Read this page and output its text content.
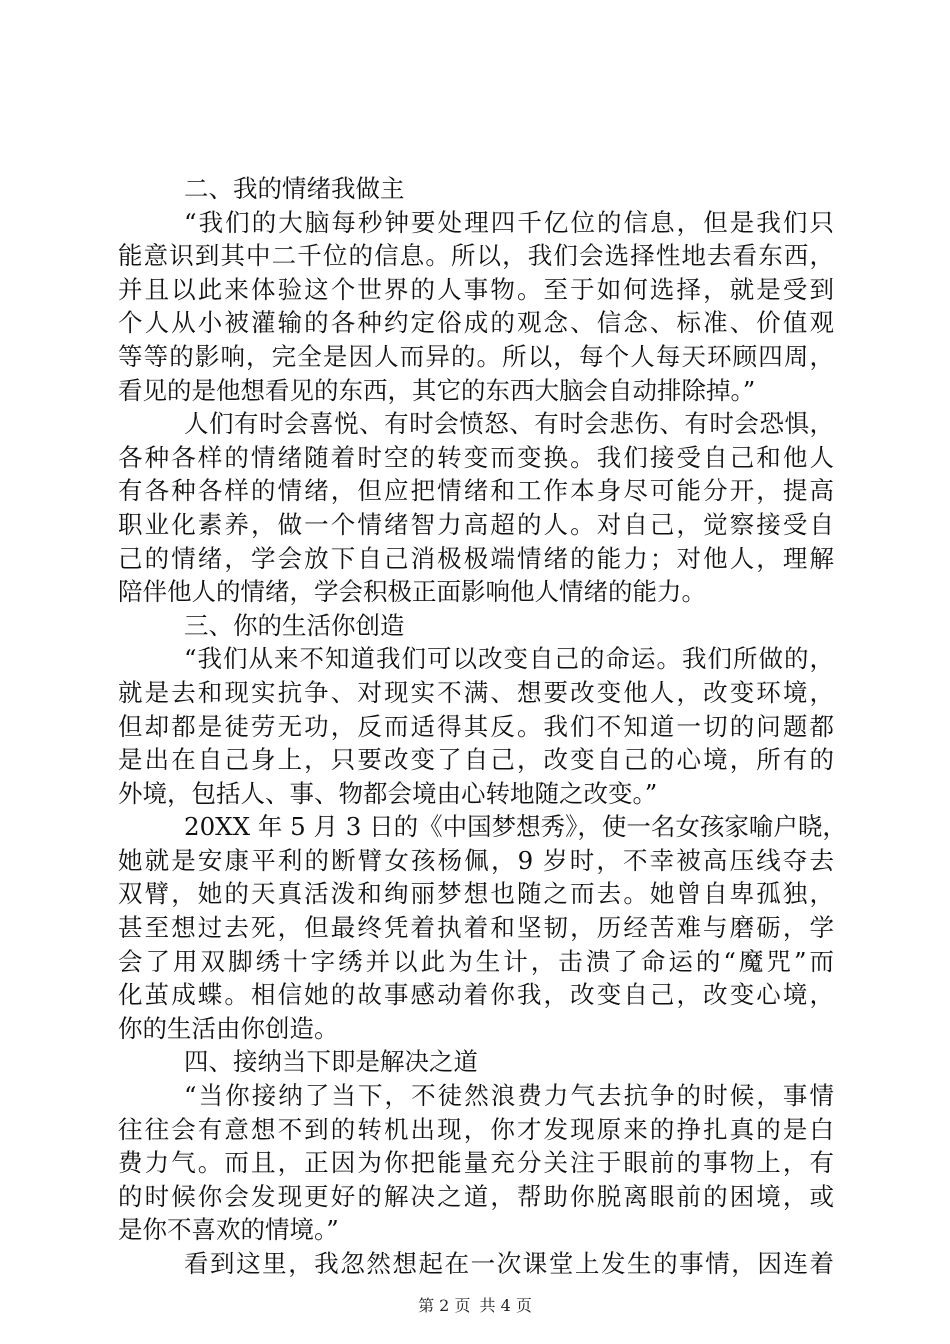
二、我的情绪我做主
“我们的大脑每秒钟要处理四千亿位的信息，但是我们只
能意识到其中二千位的信息。所以，我们会选择性地去看东西，
并且以此来体验这个世界的人事物。至于如何选择，就是受到
个人从小被灌输的各种约定俗成的观念、信念、标准、价值观
等等的影响，完全是因人而异的。所以，每个人每天环顾四周，
看见的是他想看见的东西，其它的东西大脑会自动排除掉。”
人们有时会喜悦、有时会愤怒、有时会悲伤、有时会恐惧，
各种各样的情绪随着时空的转变而变换。我们接受自己和他人
有各种各样的情绪，但应把情绪和工作本身尽可能分开，提高
职业化素养，做一个情绪智力高超的人。对自己，觉察接受自
己的情绪，学会放下自己消极极端情绪的能力；对他人，理解
陪伴他人的情绪，学会积极正面影响他人情绪的能力。
三、你的生活你创造
“我们从来不知道我们可以改变自己的命运。我们所做的，
就是去和现实抗争、对现实不满、想要改变他人，改变环境，
但却都是徒劳无功，反而适得其反。我们不知道一切的问题都
是出在自己身上，只要改变了自己，改变自己的心境，所有的
外境，包括人、事、物都会境由心转地随之改变。”
20XX 年 5 月 3 日的《中国梦想秀》，使一名女孩家喻户晓，
她就是安康平利的断臂女孩杨佩，9 岁时，不幸被高压线夺去
双臂，她的天真活泼和绚丽梦想也随之而去。她曾自卑孤独，
甚至想过去死，但最终凭着执着和坚韧，历经苦难与磨砺，学
会了用双脚绣十字绣并以此为生计，击溃了命运的“魔咒”而
化茧成蝶。相信她的故事感动着你我，改变自己，改变心境，
你的生活由你创造。
四、接纳当下即是解决之道
“当你接纳了当下，不徒然浪费力气去抗争的时候，事情
往往会有意想不到的转机出现，你才发现原来的挣扎真的是白
费力气。而且，正因为你把能量充分关注于眼前的事物上，有
的时候你会发现更好的解决之道，帮助你脱离眼前的困境，或
是你不喜欢的情境。”
看到这里，我忽然想起在一次课堂上发生的事情，因连着
第 2 页 共 4 页
